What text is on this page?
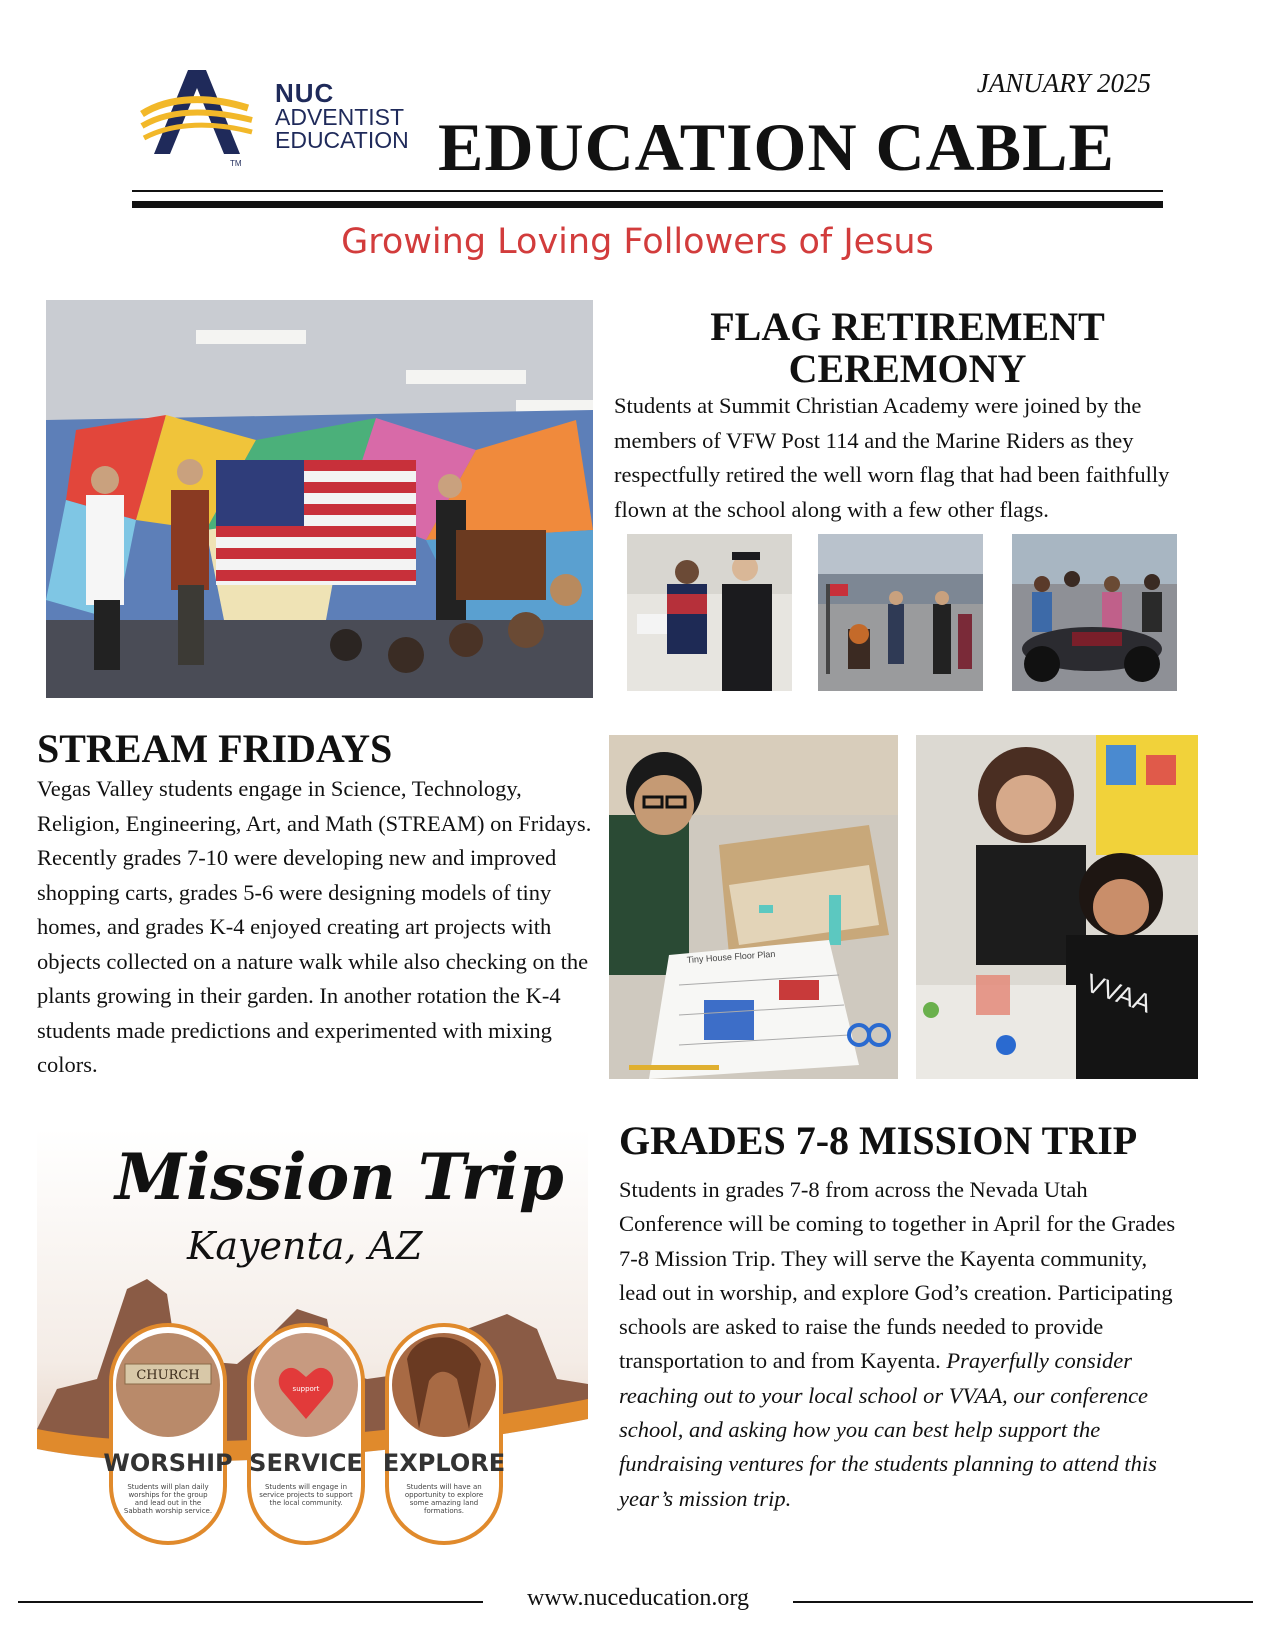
TM
NUC
ADVENTIST
EDUCATION
JANUARY 2025
EDUCATION CABLE
Growing Loving Followers of Jesus
FLAG RETIREMENT
CEREMONY
Students at Summit Christian Academy were joined by the members of VFW Post 114 and the Marine Riders as they respectfully retired the well worn flag that had been faithfully flown at the school along with a few other flags.
STREAM FRIDAYS
Vegas Valley students engage in Science, Technology, Religion, Engineering, Art, and Math (STREAM) on Fridays. Recently grades 7-10 were developing new and improved shopping carts, grades 5-6 were designing models of tiny homes, and grades K-4 enjoyed creating art projects with objects collected on a nature walk while also checking on the plants growing in their garden. In another rotation the K-4 students made predictions and experimented with mixing colors.
Tiny House Floor Plan
VVAA
Mission Trip
Kayenta, AZ
CHURCH
WORSHIP
Students will plan daily worships for the group and lead out in the Sabbath worship service.
support
SERVICE
Students will engage in service projects to support the local community.
EXPLORE
Students will have an opportunity to explore some amazing land formations.
GRADES 7-8 MISSION TRIP
Students in grades 7-8 from across the Nevada Utah Conference will be coming to together in April for the Grades 7-8 Mission Trip. They will serve the Kayenta community, lead out in worship, and explore God’s creation. Participating schools are asked to raise the funds needed to provide transportation to and from Kayenta. Prayerfully consider reaching out to your local school or VVAA, our conference school, and asking how you can best help support the fundraising ventures for the students planning to attend this year’s mission trip.
www.nuceducation.org
